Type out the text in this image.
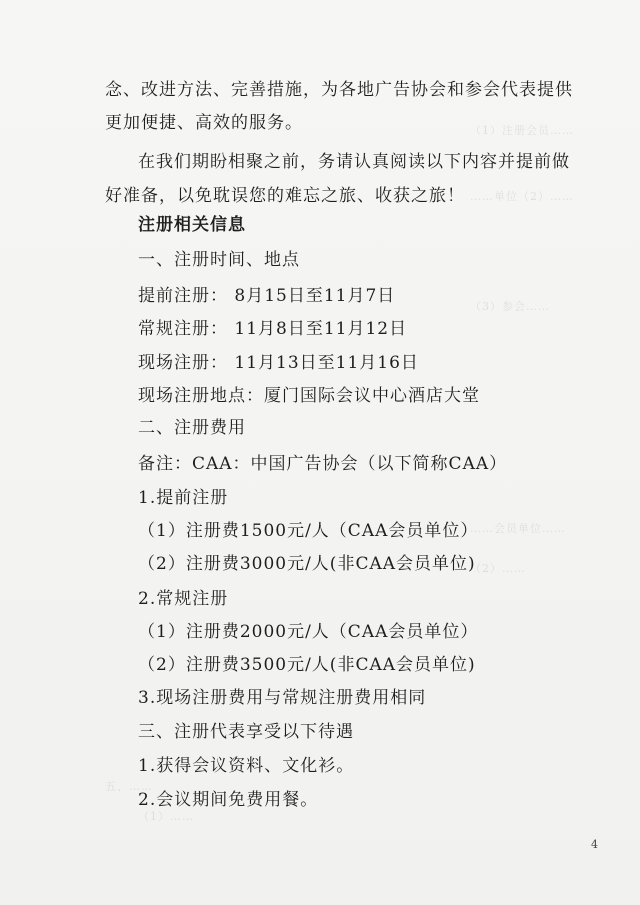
（1）注册会员……
……单位（2）……
（3）参会……
……会员单位……
（2）……
五、……
（1）……
念、改进方法、完善措施，为各地广告协会和参会代表提供
更加便捷、高效的服务。
在我们期盼相聚之前，务请认真阅读以下内容并提前做
好准备，以免耽误您的难忘之旅、收获之旅！
注册相关信息
一、注册时间、地点
提前注册： 8月15日至11月7日
常规注册： 11月8日至11月12日
现场注册： 11月13日至11月16日
现场注册地点：厦门国际会议中心酒店大堂
二、注册费用
备注：CAA：中国广告协会（以下简称CAA）
1.提前注册
（1）注册费1500元/人（CAA会员单位）
（2）注册费3000元/人(非CAA会员单位)
2.常规注册
（1）注册费2000元/人（CAA会员单位）
（2）注册费3500元/人(非CAA会员单位)
3.现场注册费用与常规注册费用相同
三、注册代表享受以下待遇
1.获得会议资料、文化衫。
2.会议期间免费用餐。
4
